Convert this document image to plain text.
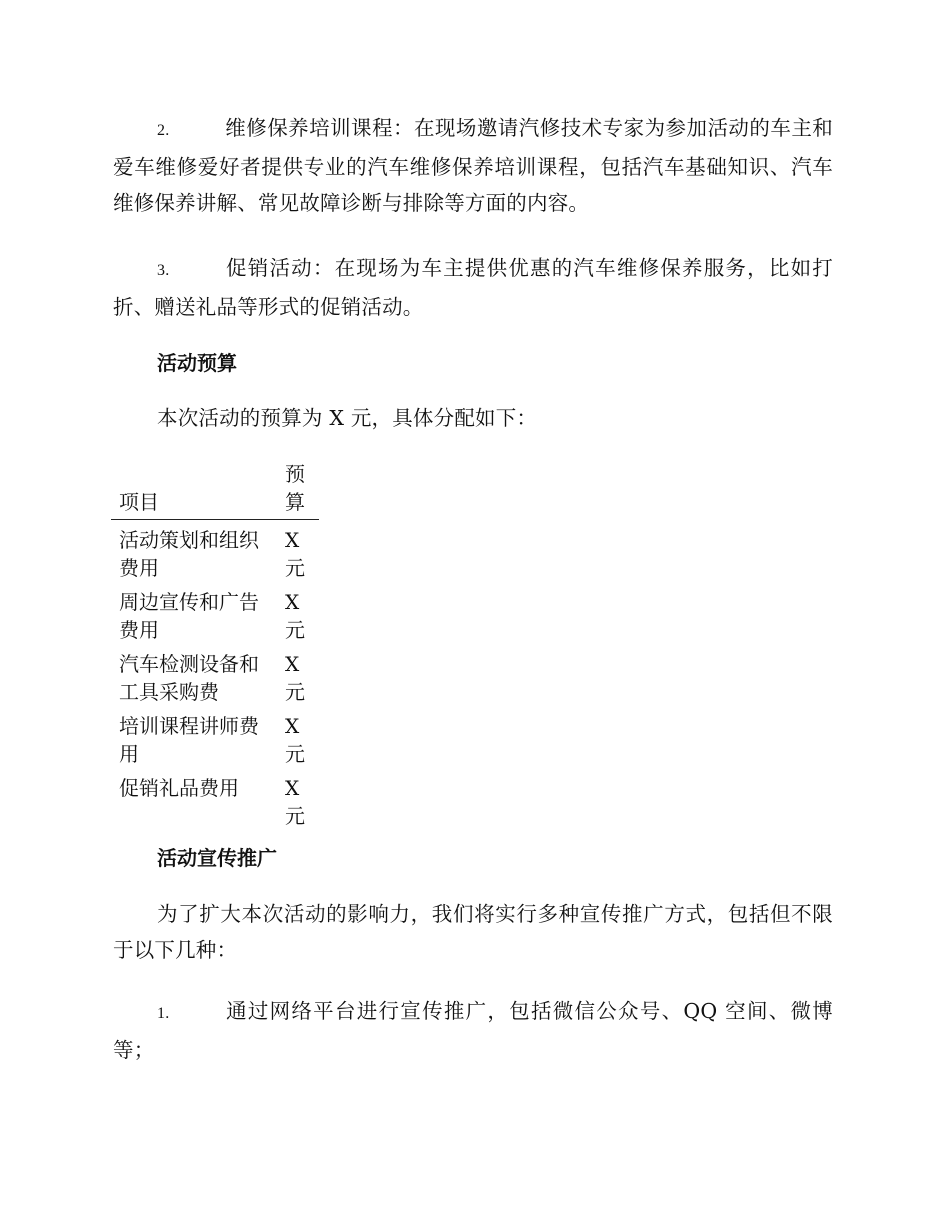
2.	维修保养培训课程：在现场邀请汽修技术专家为参加活动的车主和爱车维修爱好者提供专业的汽车维修保养培训课程，包括汽车基础知识、汽车维修保养讲解、常见故障诊断与排除等方面的内容。

3.	促销活动：在现场为车主提供优惠的汽车维修保养服务，比如打折、赠送礼品等形式的促销活动。

活动预算

本次活动的预算为 X 元，具体分配如下：

项目	预算

活动策划和组织费用	X 元

周边宣传和广告费用	X 元

汽车检测设备和工具采购费	X 元

培训课程讲师费用	X 元

促销礼品费用	X 元
活动宣传推广

为了扩大本次活动的影响力，我们将实行多种宣传推广方式，包括但不限于以下几种：

1.	通过网络平台进行宣传推广，包括微信公众号、QQ 空间、微博等；
